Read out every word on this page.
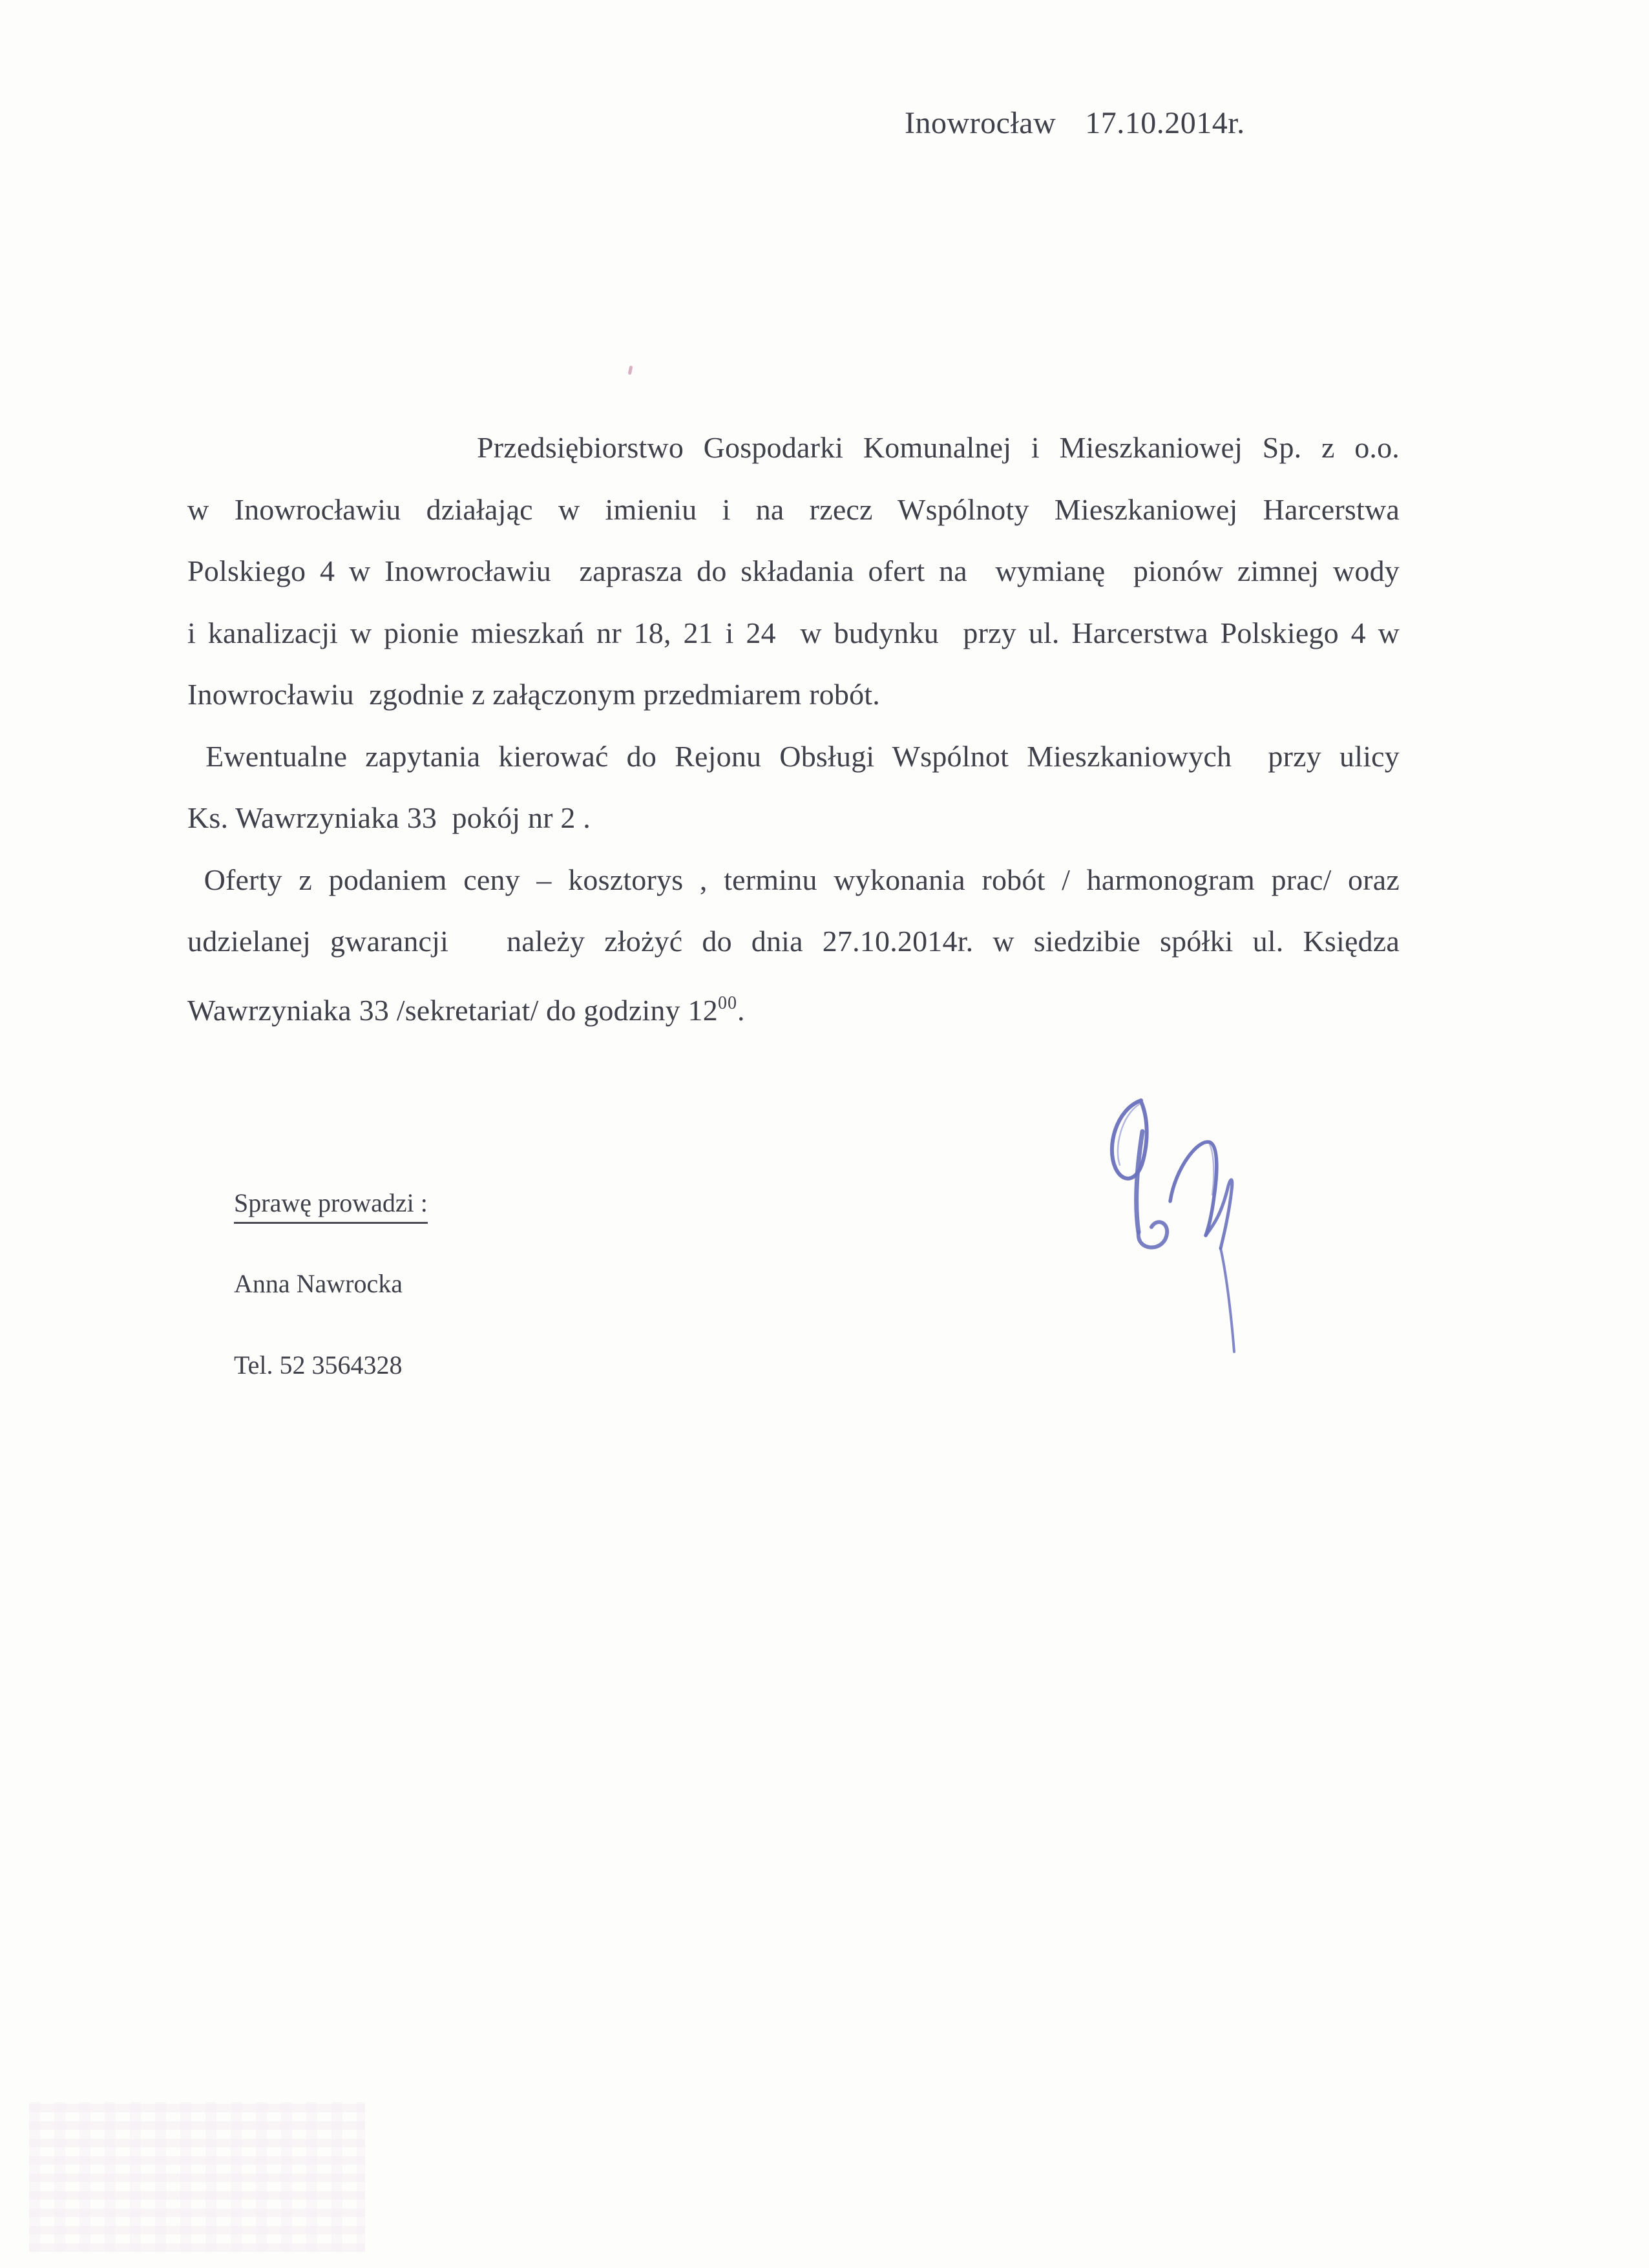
Inowrocław  17.10.2014r.
Przedsiębiorstwo Gospodarki Komunalnej i Mieszkaniowej Sp. z o.o.
w Inowrocławiu działając w imieniu i na rzecz Wspólnoty Mieszkaniowej Harcerstwa
Polskiego 4 w Inowrocławiu  zaprasza do składania ofert na  wymianę  pionów zimnej wody
i kanalizacji w pionie mieszkań nr 18, 21 i 24  w budynku  przy ul. Harcerstwa Polskiego 4 w
Inowrocławiu  zgodnie z załączonym przedmiarem robót.
Ewentualne zapytania kierować do Rejonu Obsługi Wspólnot Mieszkaniowych  przy ulicy
Ks. Wawrzyniaka 33  pokój nr 2 .
Oferty z podaniem ceny – kosztorys , terminu wykonania robót / harmonogram prac/ oraz
udzielanej gwarancji   należy złożyć do dnia 27.10.2014r. w siedzibie spółki ul. Księdza
Wawrzyniaka 33 /sekretariat/ do godziny $12^{00}$.
Sprawę prowadzi :
Anna Nawrocka
Tel. 52 3564328
